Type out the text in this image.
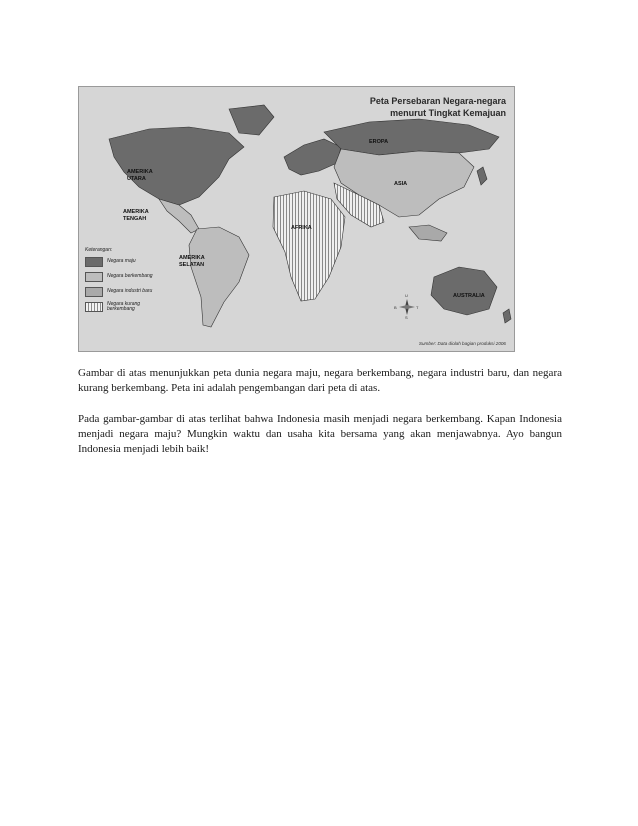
Peta Persebaran Negara-negara
menurut Tingkat Kemajuan
AMERIKA UTARA
AMERIKA TENGAH
AMERIKA SELATAN
EROPA
ASIA
AFRIKA
AUSTRALIA
Keterangan:
Negara maju
Negara berkembang
Negara industri baru
Negara kurang berkembang
U
S
T
B
Sumber: Data diolah bagian produksi 2006

Gambar di atas menunjukkan peta dunia negara maju, negara berkembang, negara industri baru, dan negara kurang berkembang. Peta ini adalah pengembangan dari peta di atas.

Pada gambar-gambar di atas terlihat bahwa Indonesia masih menjadi negara berkembang. Kapan Indonesia menjadi negara maju? Mungkin waktu dan usaha kita bersama yang akan menjawabnya. Ayo bangun Indonesia menjadi lebih baik!
